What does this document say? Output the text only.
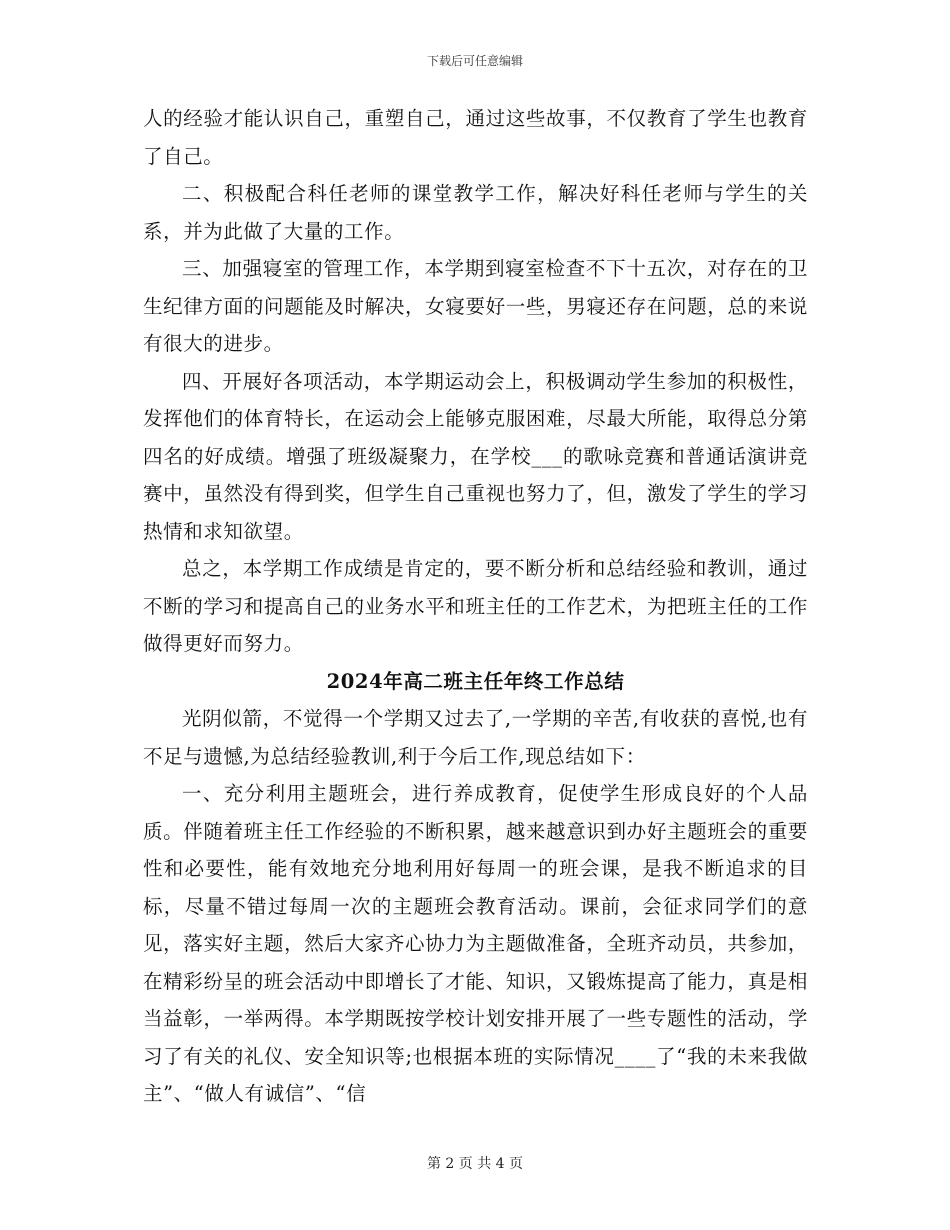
下载后可任意编辑

人的经验才能认识自己，重塑自己，通过这些故事，不仅教育了学生也教育了自己。

二、积极配合科任老师的课堂教学工作，解决好科任老师与学生的关系，并为此做了大量的工作。

三、加强寝室的管理工作，本学期到寝室检查不下十五次，对存在的卫生纪律方面的问题能及时解决，女寝要好一些，男寝还存在问题，总的来说有很大的进步。

四、开展好各项活动，本学期运动会上，积极调动学生参加的积极性，发挥他们的体育特长，在运动会上能够克服困难，尽最大所能，取得总分第四名的好成绩。增强了班级凝聚力，在学校___的歌咏竞赛和普通话演讲竞赛中，虽然没有得到奖，但学生自己重视也努力了，但，激发了学生的学习热情和求知欲望。

总之，本学期工作成绩是肯定的，要不断分析和总结经验和教训，通过不断的学习和提高自己的业务水平和班主任的工作艺术，为把班主任的工作做得更好而努力。

2024年高二班主任年终工作总结

光阴似箭，不觉得一个学期又过去了,一学期的辛苦,有收获的喜悦,也有不足与遗憾,为总结经验教训,利于今后工作,现总结如下：

一、充分利用主题班会，进行养成教育，促使学生形成良好的个人品质。伴随着班主任工作经验的不断积累，越来越意识到办好主题班会的重要性和必要性，能有效地充分地利用好每周一的班会课，是我不断追求的目标，尽量不错过每周一次的主题班会教育活动。课前，会征求同学们的意见，落实好主题，然后大家齐心协力为主题做准备，全班齐动员，共参加，在精彩纷呈的班会活动中即增长了才能、知识，又锻炼提高了能力，真是相当益彰，一举两得。本学期既按学校计划安排开展了一些专题性的活动，学习了有关的礼仪、安全知识等;也根据本班的实际情况____了“我的未来我做主”、“做人有诚信”、“信

第 2 页 共 4 页
